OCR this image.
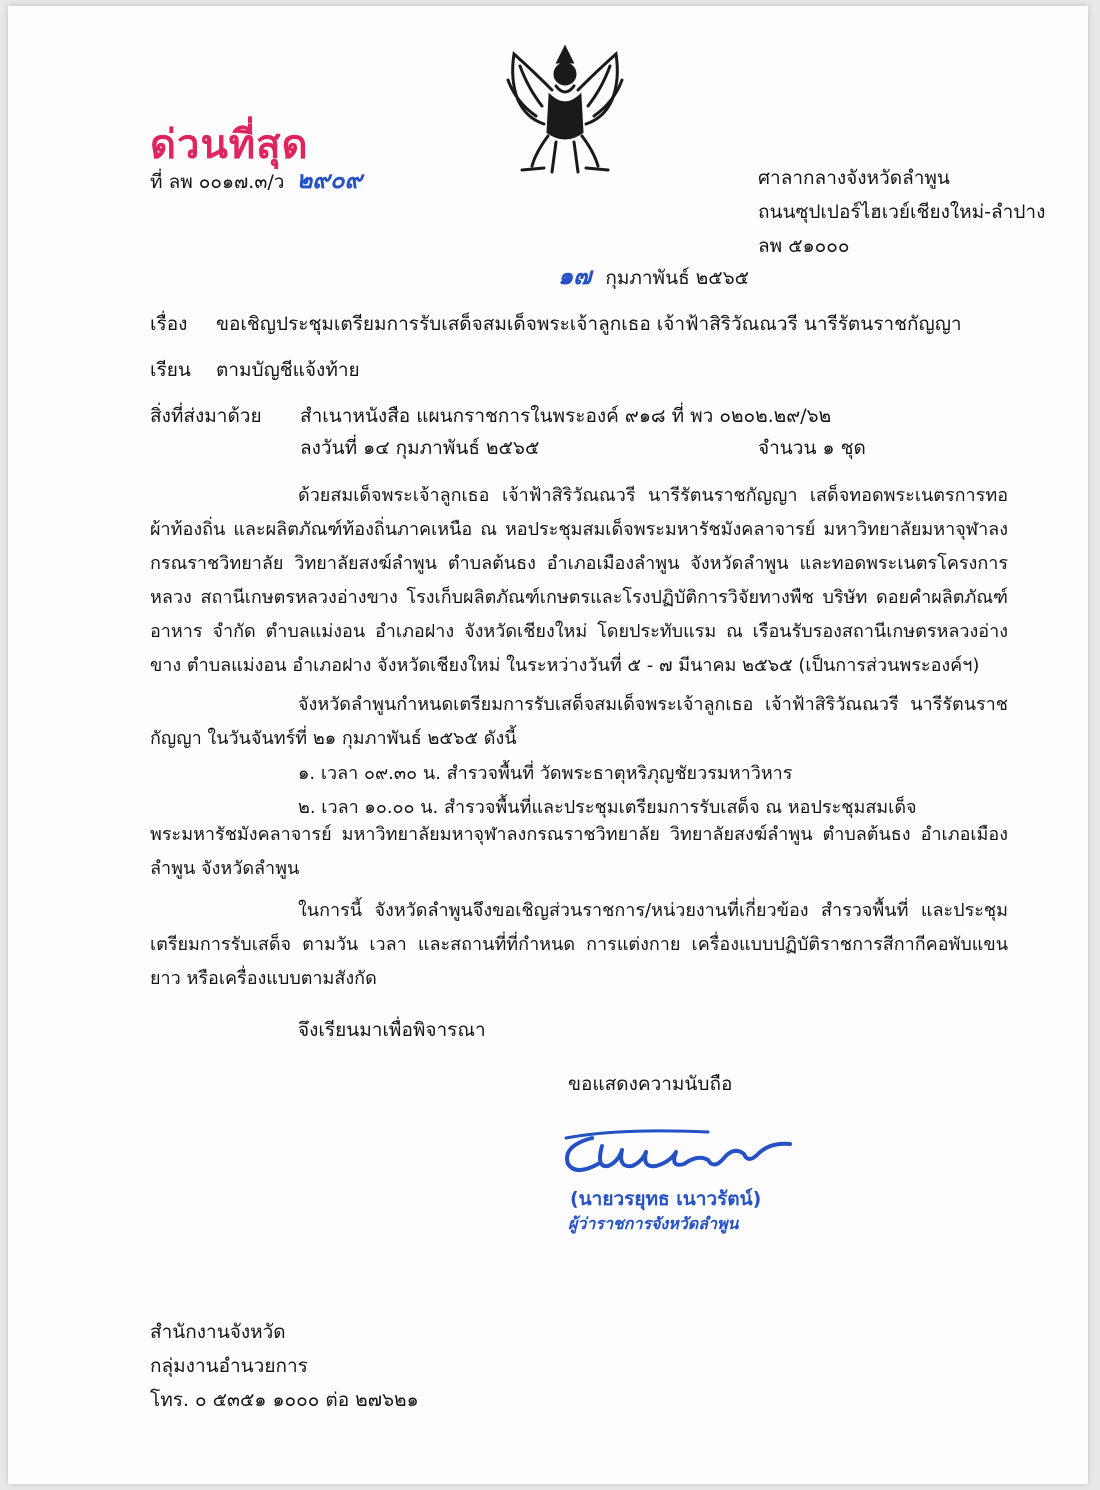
ด่วนที่สุด
ที่ ลพ ๐๐๑๗.๓/ว ๒๙๐๙	ศาลากลางจังหวัดลำพูน
ถนนซุปเปอร์ไฮเวย์เชียงใหม่-ลำปาง
ลพ ๕๑๐๐๐
๑๗ กุมภาพันธ์ ๒๕๖๕
เรื่อง ขอเชิญประชุมเตรียมการรับเสด็จสมเด็จพระเจ้าลูกเธอ เจ้าฟ้าสิริวัณณวรี นารีรัตนราชกัญญา
เรียน ตามบัญชีแจ้งท้าย
สิ่งที่ส่งมาด้วย สำเนาหนังสือ แผนกราชการในพระองค์ ๙๑๘ ที่ พว ๐๒๐๒.๒๙/๖๒
ลงวันที่ ๑๔ กุมภาพันธ์ ๒๕๖๕	จำนวน ๑ ชุด
ด้วยสมเด็จพระเจ้าลูกเธอ เจ้าฟ้าสิริวัณณวรี นารีรัตนราชกัญญา เสด็จทอดพระเนตรการทอผ้าท้องถิ่น และผลิตภัณฑ์ท้องถิ่นภาคเหนือ ณ หอประชุมสมเด็จพระมหารัชมังคลาจารย์ มหาวิทยาลัยมหาจุฬาลงกรณราชวิทยาลัย วิทยาลัยสงฆ์ลำพูน ตำบลต้นธง อำเภอเมืองลำพูน จังหวัดลำพูน และทอดพระเนตรโครงการหลวง สถานีเกษตรหลวงอ่างขาง โรงเก็บผลิตภัณฑ์เกษตรและโรงปฏิบัติการวิจัยทางพืช บริษัท ดอยคำผลิตภัณฑ์อาหาร จำกัด ตำบลแม่งอน อำเภอฝาง จังหวัดเชียงใหม่ โดยประทับแรม ณ เรือนรับรองสถานีเกษตรหลวงอ่างขาง ตำบลแม่งอน อำเภอฝาง จังหวัดเชียงใหม่ ในระหว่างวันที่ ๕ - ๗ มีนาคม ๒๕๖๕ (เป็นการส่วนพระองค์ฯ)
จังหวัดลำพูนกำหนดเตรียมการรับเสด็จสมเด็จพระเจ้าลูกเธอ เจ้าฟ้าสิริวัณณวรี นารีรัตนราชกัญญา ในวันจันทร์ที่ ๒๑ กุมภาพันธ์ ๒๕๖๕ ดังนี้
๑. เวลา ๐๙.๓๐ น. สำรวจพื้นที่ วัดพระธาตุหริภุญชัยวรมหาวิหาร
๒. เวลา ๑๐.๐๐ น. สำรวจพื้นที่และประชุมเตรียมการรับเสด็จ ณ หอประชุมสมเด็จ
พระมหารัชมังคลาจารย์ มหาวิทยาลัยมหาจุฬาลงกรณราชวิทยาลัย วิทยาลัยสงฆ์ลำพูน ตำบลต้นธง อำเภอเมืองลำพูน จังหวัดลำพูน
ในการนี้ จังหวัดลำพูนจึงขอเชิญส่วนราชการ/หน่วยงานที่เกี่ยวข้อง สำรวจพื้นที่ และประชุมเตรียมการรับเสด็จ ตามวัน เวลา และสถานที่ที่กำหนด การแต่งกาย เครื่องแบบปฏิบัติราชการสีกากีคอพับแขนยาว หรือเครื่องแบบตามสังกัด
จึงเรียนมาเพื่อพิจารณา
ขอแสดงความนับถือ
(นายวรยุทธ เนาวรัตน์)
ผู้ว่าราชการจังหวัดลำพูน
สำนักงานจังหวัด
กลุ่มงานอำนวยการ
โทร. ๐ ๕๓๕๑ ๑๐๐๐ ต่อ ๒๗๖๒๑
